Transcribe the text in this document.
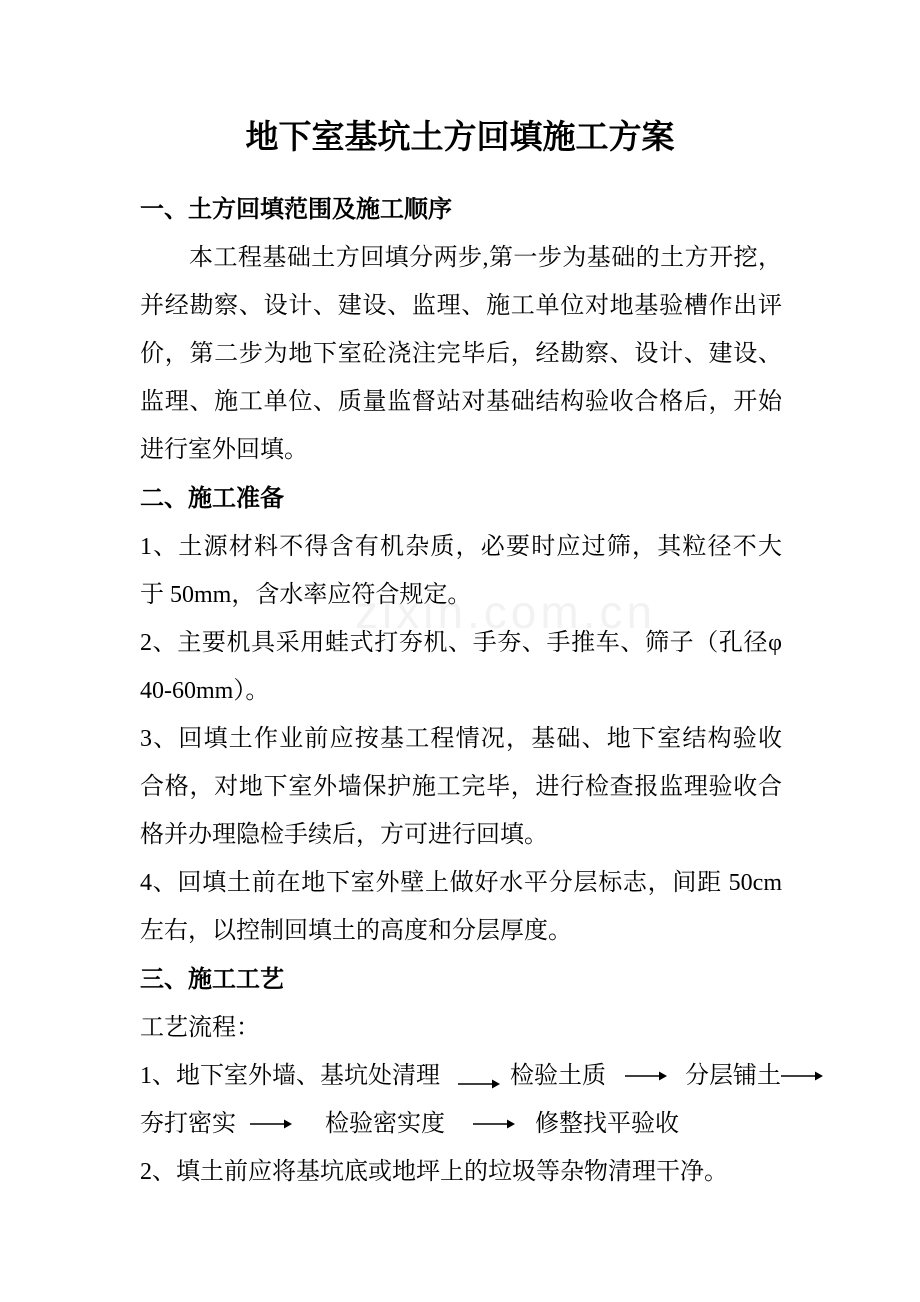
zixin.com.cn
地下室基坑土方回填施工方案
一、土方回填范围及施工顺序
本工程基础土方回填分两步,第一步为基础的土方开挖，
并经勘察、设计、建设、监理、施工单位对地基验槽作出评
价，第二步为地下室砼浇注完毕后，经勘察、设计、建设、
监理、施工单位、质量监督站对基础结构验收合格后，开始
进行室外回填。
二、施工准备
1、土源材料不得含有机杂质，必要时应过筛，其粒径不大
于 50mm，含水率应符合规定。
2、主要机具采用蛙式打夯机、手夯、手推车、筛子（孔径φ
40-60mm）。
3、回填土作业前应按基工程情况，基础、地下室结构验收
合格，对地下室外墙保护施工完毕，进行检查报监理验收合
格并办理隐检手续后，方可进行回填。
4、回填土前在地下室外壁上做好水平分层标志，间距 50cm
左右，以控制回填土的高度和分层厚度。
三、施工工艺
工艺流程：
1、地下室外墙、基坑处清理	检验土质	分层铺土
夯打密实	检验密实度	修整找平验收
2、填土前应将基坑底或地坪上的垃圾等杂物清理干净。
